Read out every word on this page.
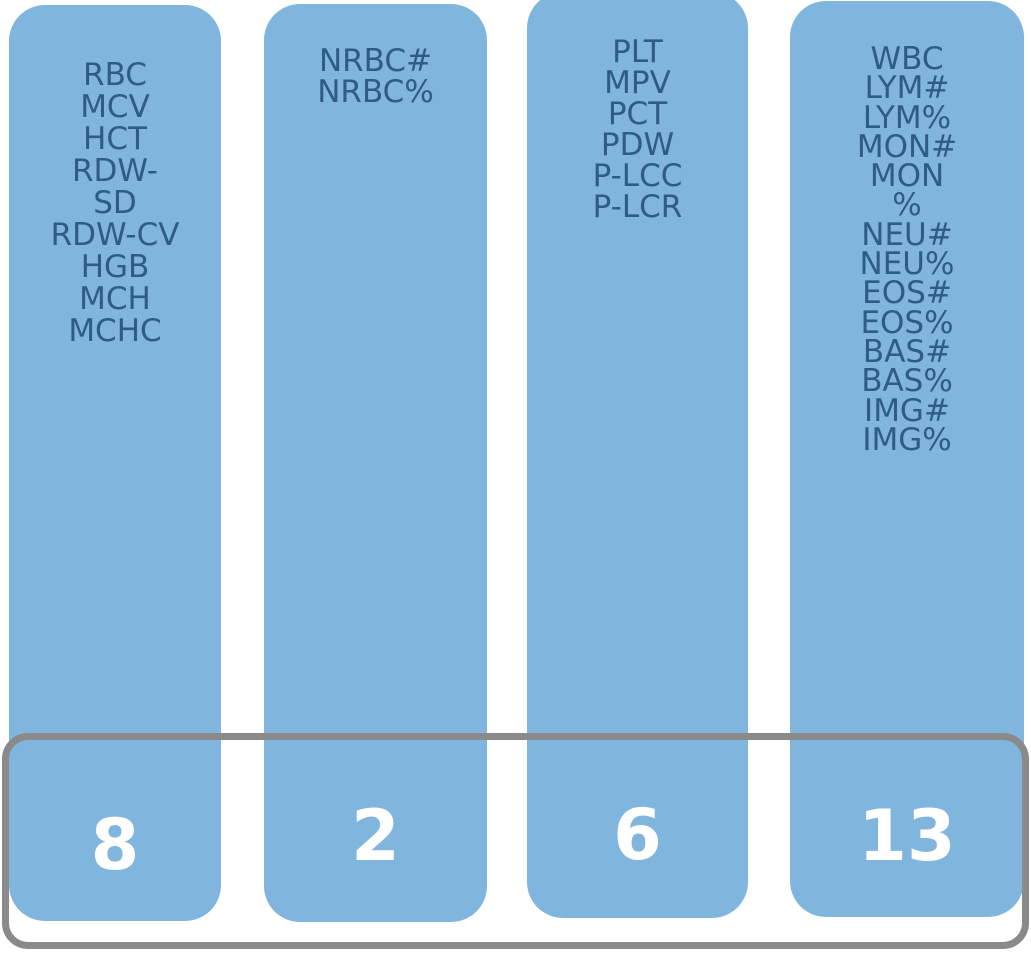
RBC
MCV
HCT
RDW-
SD
RDW-CV
HGB
MCH
MCHC
8
NRBC#
NRBC%
2
PLT
MPV
PCT
PDW
P-LCC
P-LCR
6
WBC
LYM#
LYM%
MON#
MON
%
NEU#
NEU%
EOS#
EOS%
BAS#
BAS%
IMG#
IMG%
13
